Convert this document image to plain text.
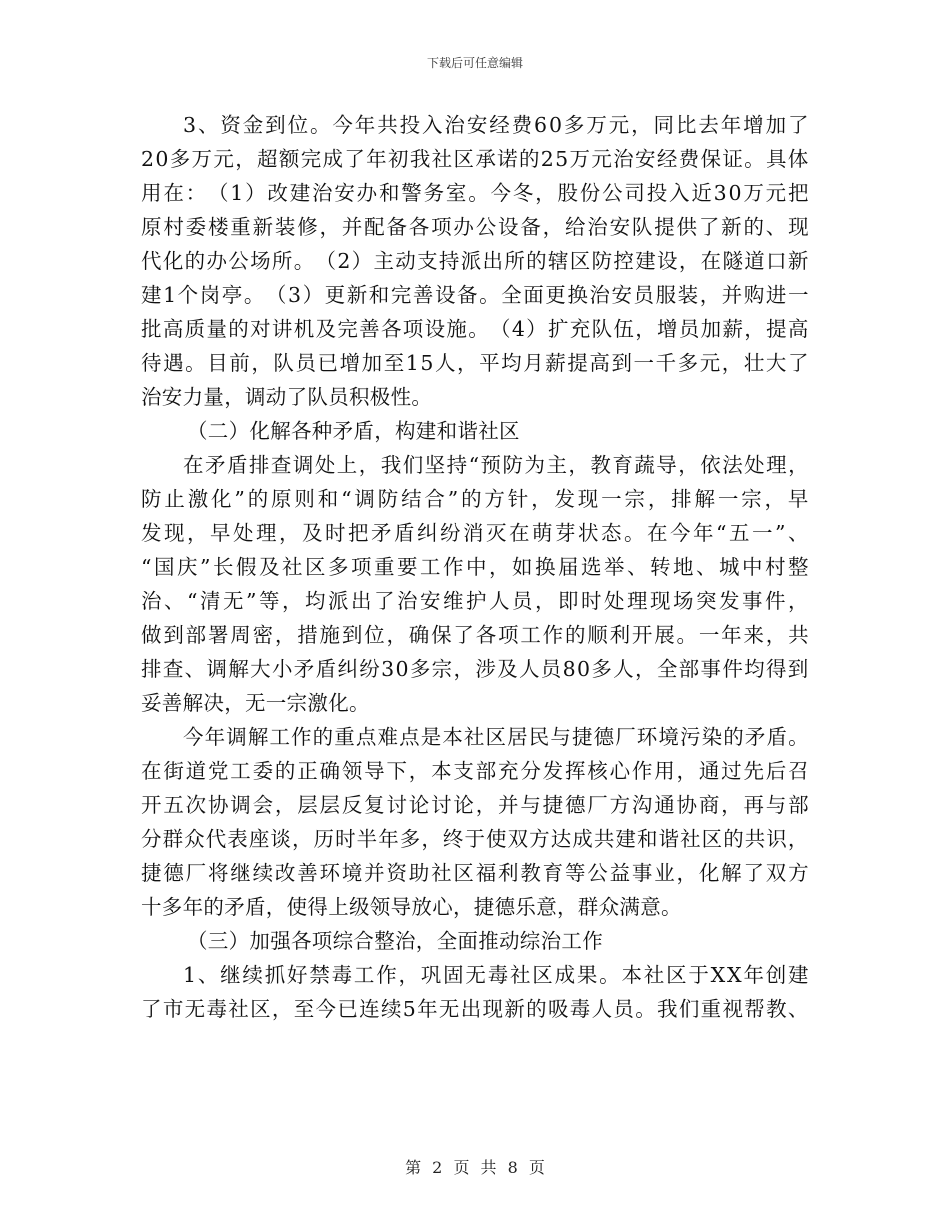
下载后可任意编辑
3 、 资 金 到 位 。 今 年 共 投 入 治 安 经 费 6 0 多 万 元 ， 同 比 去 年 增 加 了
2 0 多 万 元 ， 超 额 完 成 了 年 初 我 社 区 承 诺 的 2 5 万 元 治 安 经 费 保 证 。 具 体
用 在 ： （ 1 ） 改 建 治 安 办 和 警 务 室 。 今 冬 ， 股 份 公 司 投 入 近 3 0 万 元 把
原 村 委 楼 重 新 装 修 ， 并 配 备 各 项 办 公 设 备 ， 给 治 安 队 提 供 了 新 的 、 现
代 化 的 办 公 场 所 。 （ 2 ） 主 动 支 持 派 出 所 的 辖 区 防 控 建 设 ， 在 隧 道 口 新
建 1 个 岗 亭 。 （ 3 ） 更 新 和 完 善 设 备 。 全 面 更 换 治 安 员 服 装 ， 并 购 进 一
批 高 质 量 的 对 讲 机 及 完 善 各 项 设 施 。 （ 4 ） 扩 充 队 伍 ， 增 员 加 薪 ， 提 高
待 遇 。 目 前 ， 队 员 已 增 加 至 1 5 人 ， 平 均 月 薪 提 高 到 一 千 多 元 ， 壮 大 了
治安力量，调动了队员积极性。
（二）化解各种矛盾，构建和谐社区
在 矛 盾 排 查 调 处 上 ， 我 们 坚 持 “ 预 防 为 主 ， 教 育 蔬 导 ， 依 法 处 理 ，
防 止 激 化 ” 的 原 则 和 “ 调 防 结 合 ” 的 方 针 ， 发 现 一 宗 ， 排 解 一 宗 ， 早
发 现 ， 早 处 理 ， 及 时 把 矛 盾 纠 纷 消 灭 在 萌 芽 状 态 。 在 今 年 “ 五 一 ” 、
“ 国 庆 ” 长 假 及 社 区 多 项 重 要 工 作 中 ， 如 换 届 选 举 、 转 地 、 城 中 村 整
治 、 “ 清 无 ” 等 ， 均 派 出 了 治 安 维 护 人 员 ， 即 时 处 理 现 场 突 发 事 件 ，
做 到 部 署 周 密 ， 措 施 到 位 ， 确 保 了 各 项 工 作 的 顺 利 开 展 。 一 年 来 ， 共
排 查 、 调 解 大 小 矛 盾 纠 纷 3 0 多 宗 ， 涉 及 人 员 8 0 多 人 ， 全 部 事 件 均 得 到
妥善解决，无一宗激化。
今 年 调 解 工 作 的 重 点 难 点 是 本 社 区 居 民 与 捷 德 厂 环 境 污 染 的 矛 盾 。
在 街 道 党 工 委 的 正 确 领 导 下 ， 本 支 部 充 分 发 挥 核 心 作 用 ， 通 过 先 后 召
开 五 次 协 调 会 ， 层 层 反 复 讨 论 讨 论 ， 并 与 捷 德 厂 方 沟 通 协 商 ， 再 与 部
分 群 众 代 表 座 谈 ， 历 时 半 年 多 ， 终 于 使 双 方 达 成 共 建 和 谐 社 区 的 共 识 ，
捷 德 厂 将 继 续 改 善 环 境 并 资 助 社 区 福 利 教 育 等 公 益 事 业 ， 化 解 了 双 方
十多年的矛盾，使得上级领导放心，捷德乐意，群众满意。
（三）加强各项综合整治，全面推动综治工作
1 、 继 续 抓 好 禁 毒 工 作 ， 巩 固 无 毒 社 区 成 果 。 本 社 区 于 X X 年 创 建
了 市 无 毒 社 区 ， 至 今 已 连 续 5 年 无 出 现 新 的 吸 毒 人 员 。 我 们 重 视 帮 教 、
第 2 页 共 8 页
